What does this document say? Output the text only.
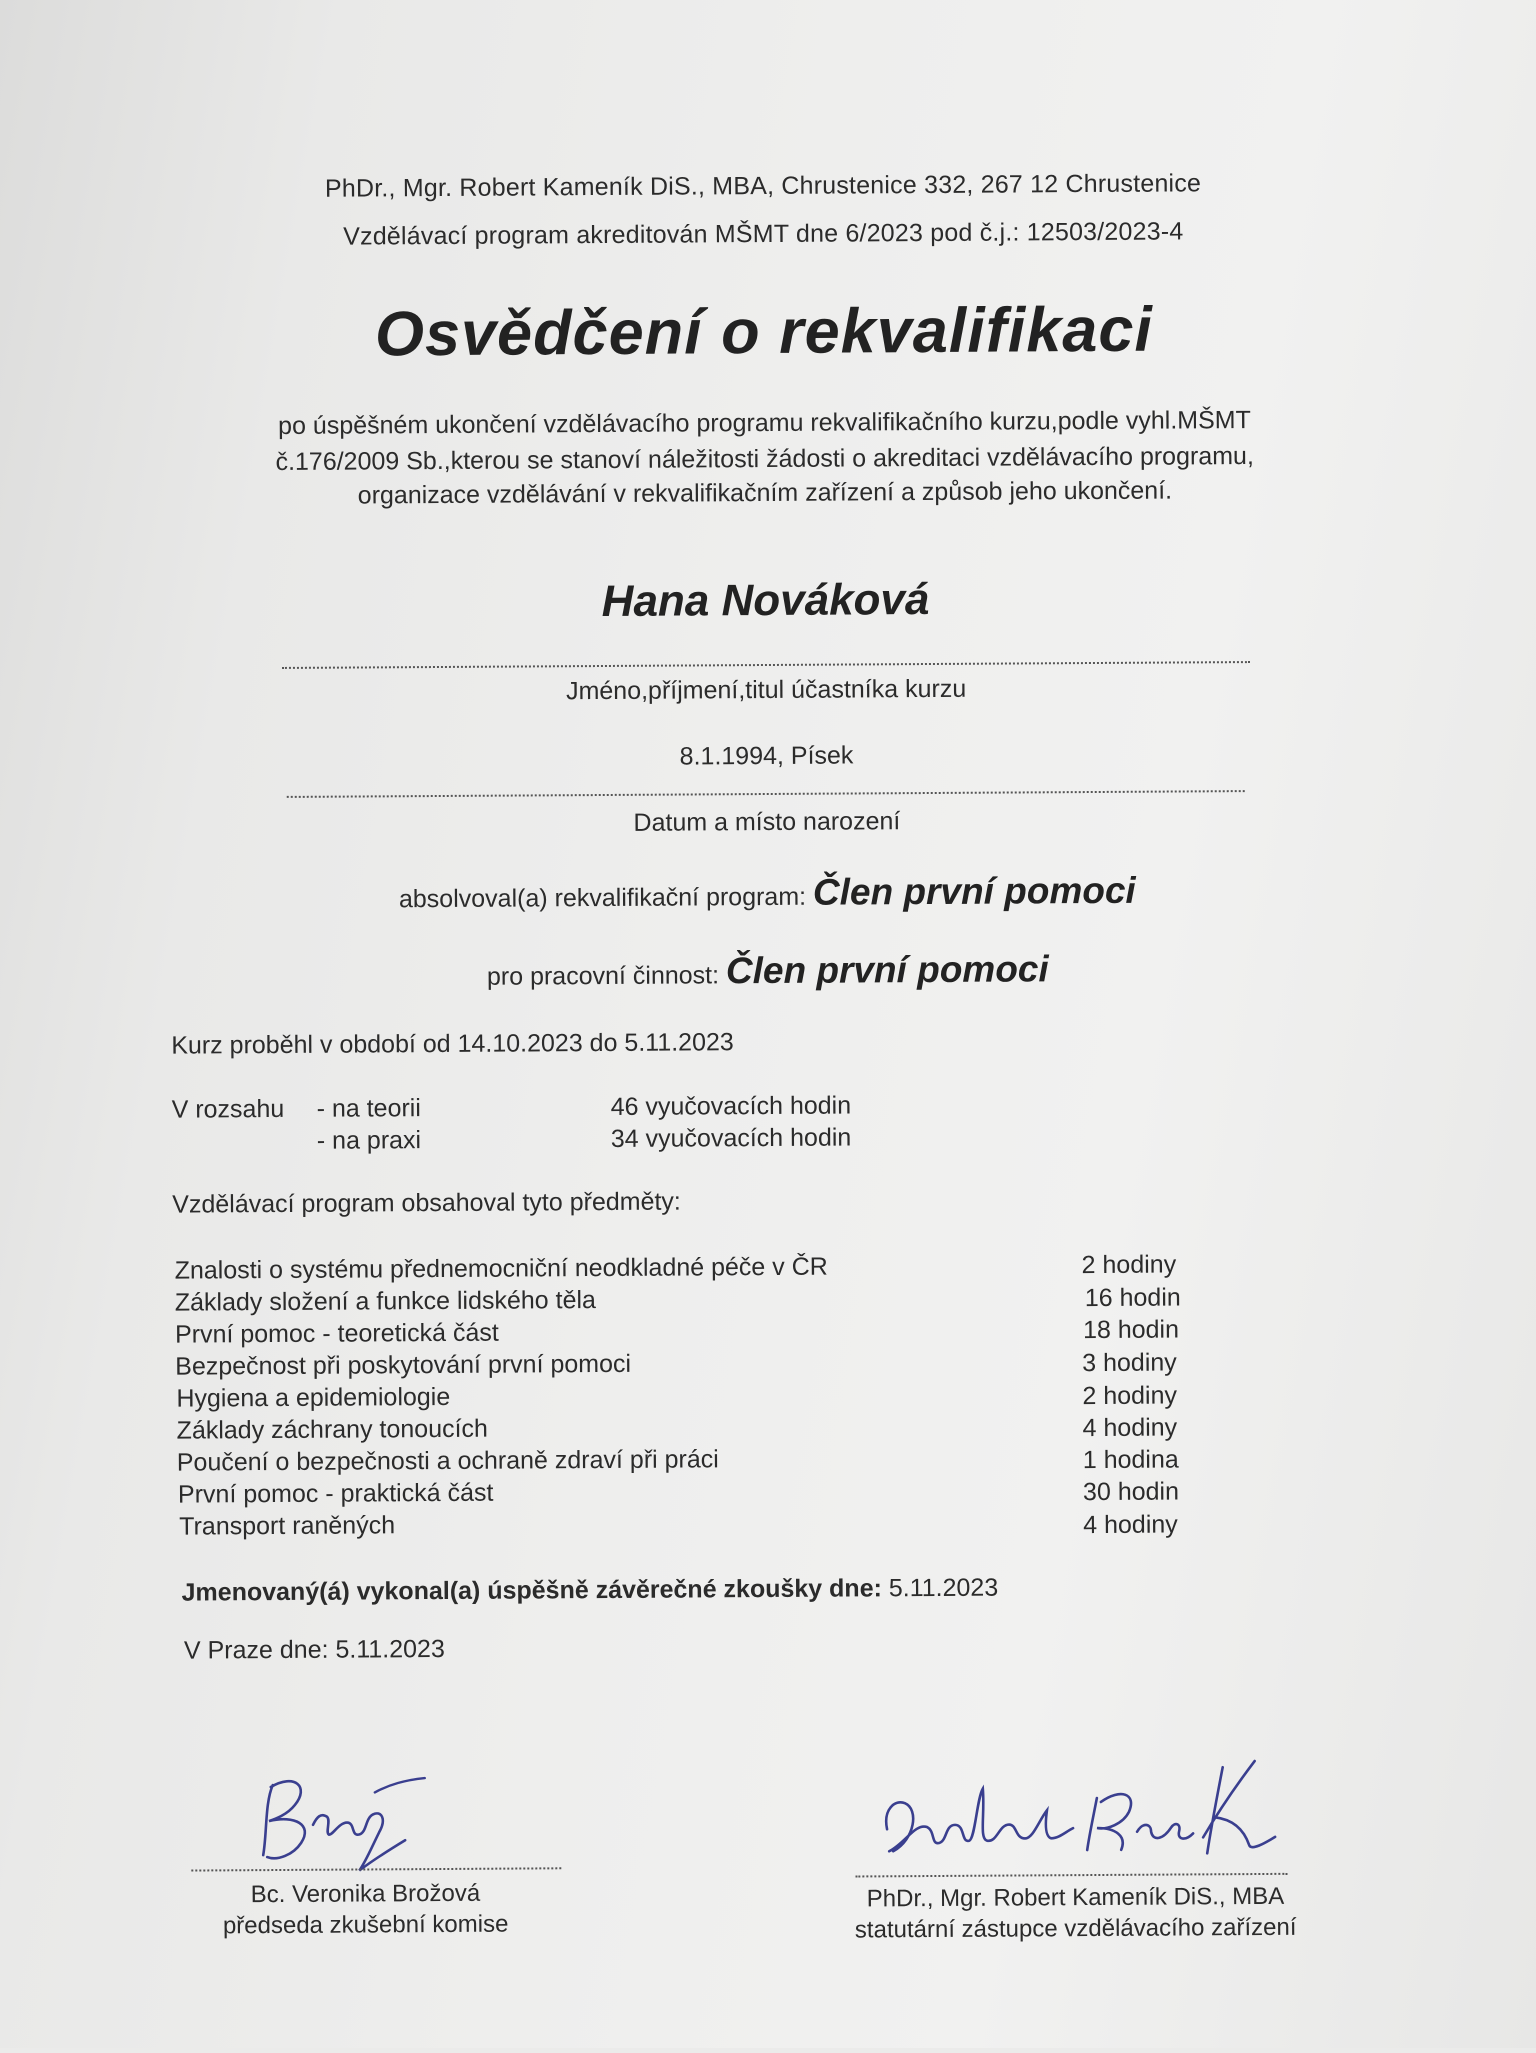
PhDr., Mgr. Robert Kameník DiS., MBA, Chrustenice 332, 267 12 Chrustenice
Vzdělávací program akreditován MŠMT dne 6/2023 pod č.j.: 12503/2023-4
Osvědčení o rekvalifikaci
po úspěšném ukončení vzdělávacího programu rekvalifikačního kurzu,podle vyhl.MŠMT
č.176/2009 Sb.,kterou se stanoví náležitosti žádosti o akreditaci vzdělávacího programu,
organizace vzdělávání v rekvalifikačním zařízení a způsob jeho ukončení.
Hana Nováková
Jméno,příjmení,titul účastníka kurzu
8.1.1994, Písek
Datum a místo narození
absolvoval(a) rekvalifikační program: Člen první pomoci
pro pracovní činnost: Člen první pomoci
Kurz proběhl v období od 14.10.2023 do 5.11.2023
V rozsahu - na teorii	46 vyučovacích hodin
- na praxi	34 vyučovacích hodin
Vzdělávací program obsahoval tyto předměty:
Znalosti o systému přednemocniční neodkladné péče v ČR	2 hodiny
Základy složení a funkce lidského těla	16 hodin
První pomoc - teoretická část	18 hodin
Bezpečnost při poskytování první pomoci	3 hodiny
Hygiena a epidemiologie	2 hodiny
Základy záchrany tonoucích	4 hodiny
Poučení o bezpečnosti a ochraně zdraví při práci	1 hodina
První pomoc - praktická část	30 hodin
Transport raněných	4 hodiny
Jmenovaný(á) vykonal(a) úspěšně závěrečné zkoušky dne: 5.11.2023
V Praze dne: 5.11.2023
Bc. Veronika Brožová
předseda zkušební komise
PhDr., Mgr. Robert Kameník DiS., MBA
statutární zástupce vzdělávacího zařízení
